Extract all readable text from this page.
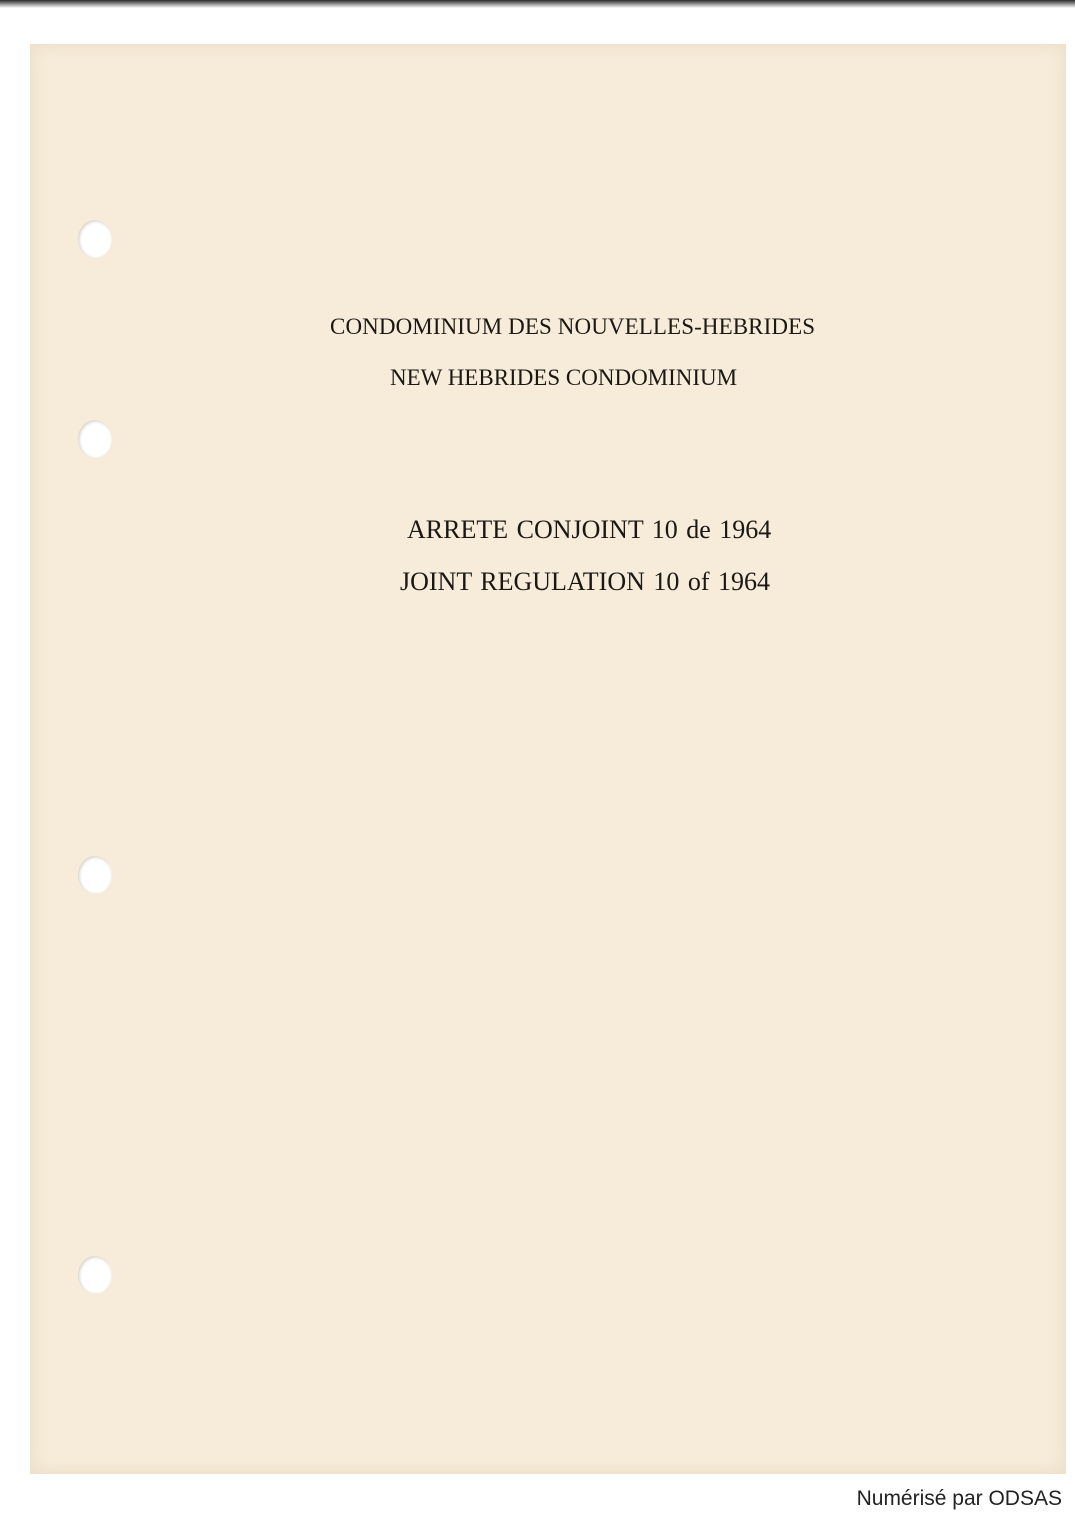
CONDOMINIUM DES NOUVELLES-HEBRIDES
NEW HEBRIDES CONDOMINIUM
ARRETE CONJOINT 10 de 1964
JOINT REGULATION 10 of 1964
Numérisé par ODSAS
